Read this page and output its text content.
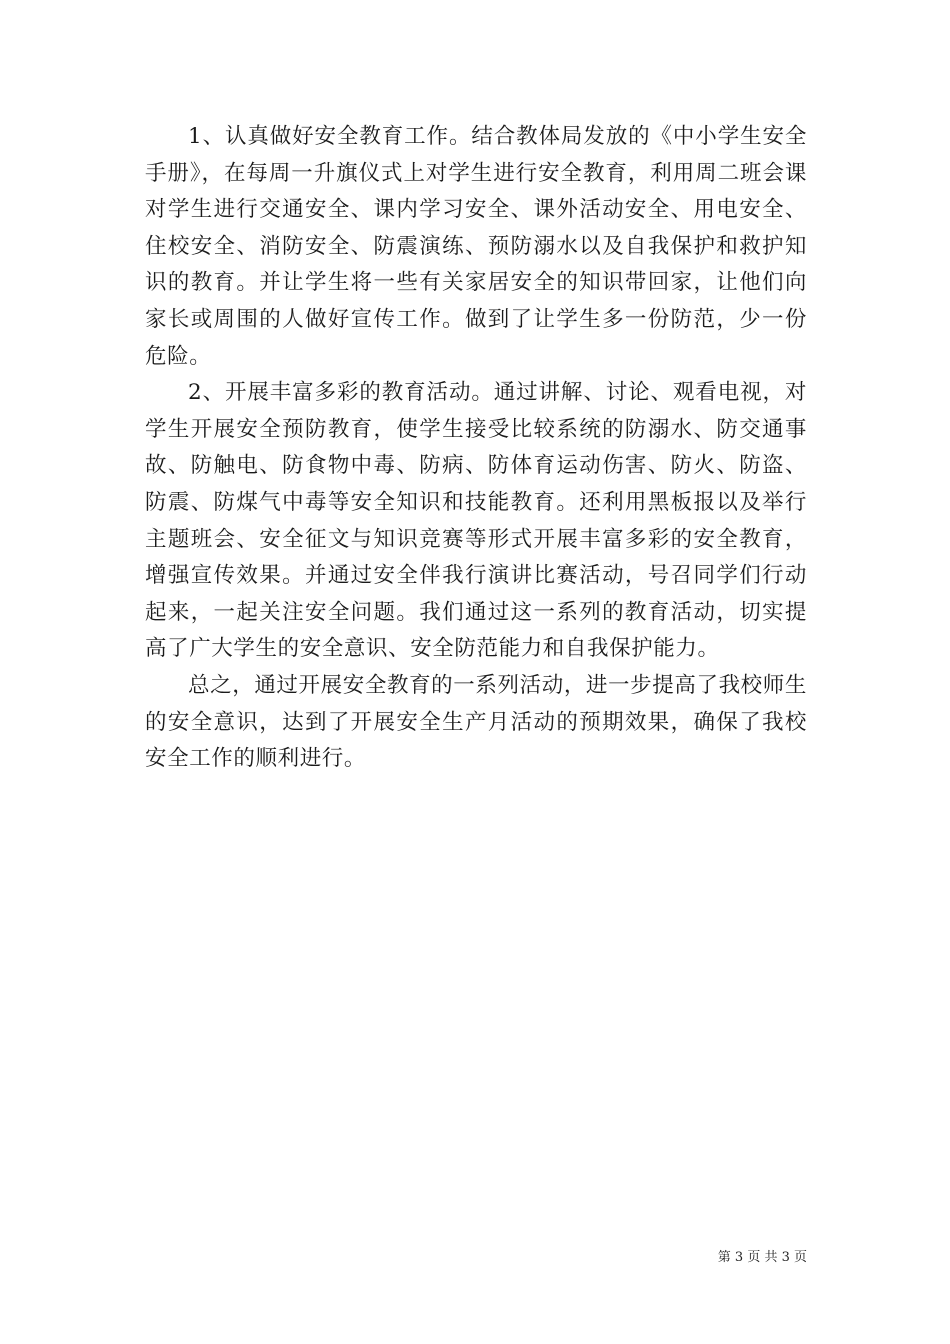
1、认真做好安全教育工作。结合教体局发放的《中小学生安全手册》，在每周一升旗仪式上对学生进行安全教育，利用周二班会课对学生进行交通安全、课内学习安全、课外活动安全、用电安全、住校安全、消防安全、防震演练、预防溺水以及自我保护和救护知识的教育。并让学生将一些有关家居安全的知识带回家，让他们向家长或周围的人做好宣传工作。做到了让学生多一份防范，少一份危险。

2、开展丰富多彩的教育活动。通过讲解、讨论、观看电视，对学生开展安全预防教育，使学生接受比较系统的防溺水、防交通事故、防触电、防食物中毒、防病、防体育运动伤害、防火、防盗、防震、防煤气中毒等安全知识和技能教育。还利用黑板报以及举行主题班会、安全征文与知识竞赛等形式开展丰富多彩的安全教育，增强宣传效果。并通过安全伴我行演讲比赛活动，号召同学们行动起来，一起关注安全问题。我们通过这一系列的教育活动，切实提高了广大学生的安全意识、安全防范能力和自我保护能力。

总之，通过开展安全教育的一系列活动，进一步提高了我校师生的安全意识，达到了开展安全生产月活动的预期效果，确保了我校安全工作的顺利进行。

第 3 页 共 3 页
